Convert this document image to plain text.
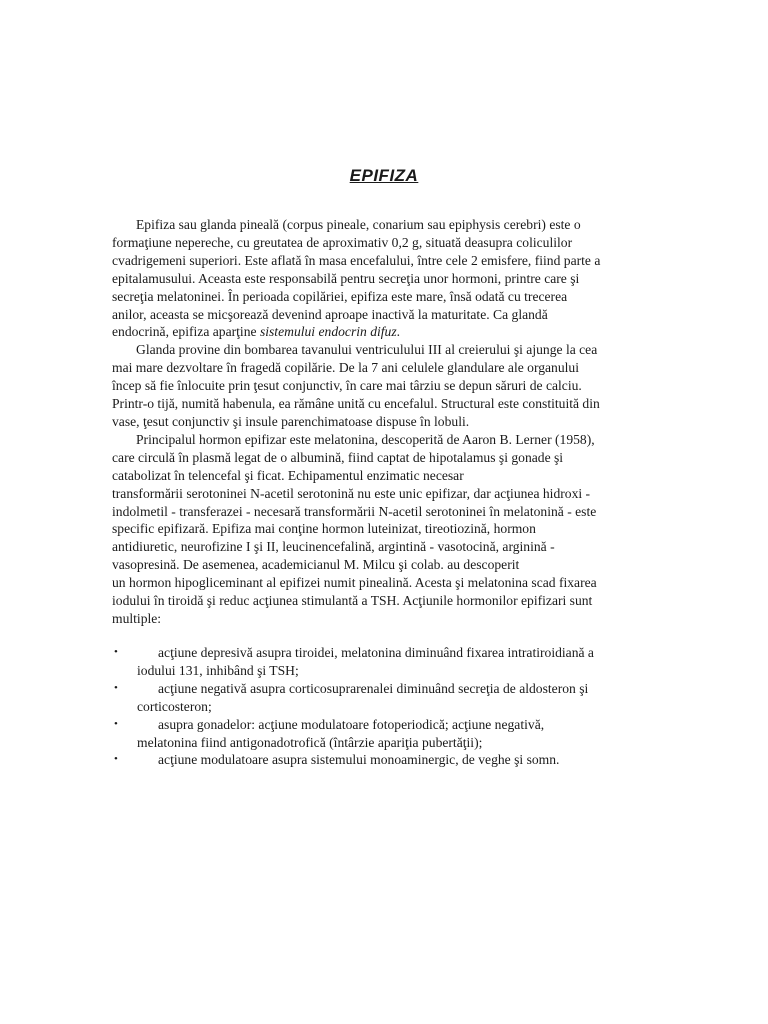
EPIFIZA
Epifiza sau glanda pineală (corpus pineale, conarium sau epiphysis cerebri) este o
formaţiune nepereche, cu greutatea de aproximativ 0,2 g, situată deasupra coliculilor
cvadrigemeni superiori. Este aflată în masa encefalului, între cele 2 emisfere, fiind parte a
epitalamusului. Aceasta este responsabilă pentru secreţia unor hormoni, printre care şi
secreţia melatoninei. În perioada copilăriei, epifiza este mare, însă odată cu trecerea
anilor, aceasta se micşorează devenind aproape inactivă la maturitate. Ca glandă
endocrină, epifiza aparţine sistemului endocrin difuz.
Glanda provine din bombarea tavanului ventriculului III al creierului şi ajunge la cea
mai mare dezvoltare în fragedă copilărie. De la 7 ani celulele glandulare ale organului
încep să fie înlocuite prin ţesut conjunctiv, în care mai târziu se depun săruri de calciu.
Printr-o tijă, numită habenula, ea rămâne unită cu encefalul. Structural este constituită din
vase, ţesut conjunctiv şi insule parenchimatoase dispuse în lobuli.
Principalul hormon epifizar este melatonina, descoperită de Aaron B. Lerner (1958),
care circulă în plasmă legat de o albumină, fiind captat de hipotalamus şi gonade şi
catabolizat în telencefal şi ficat. Echipamentul enzimatic necesar
transformării serotoninei N-acetil serotonină nu este unic epifizar, dar acţiunea hidroxi -
indolmetil - transferazei - necesară transformării N-acetil serotoninei în melatonină - este
specific epifizară. Epifiza mai conţine hormon luteinizat, tireotiozină, hormon
antidiuretic, neurofizine I şi II, leucinencefalină, argintină - vasotocină, arginină -
vasopresină. De asemenea, academicianul M. Milcu şi colab. au descoperit
un hormon hipogliceminant al epifizei numit pinealină. Acesta şi melatonina scad fixarea
iodului în tiroidă şi reduc acţiunea stimulantă a TSH. Acţiunile hormonilor epifizari sunt
multiple:
•	acţiune depresivă asupra tiroidei, melatonina diminuând fixarea intratiroidiană a
iodului 131, inhibând şi TSH;
•	acţiune negativă asupra corticosuprarenalei diminuând secreţia de aldosteron şi
corticosteron;
•	asupra gonadelor: acţiune modulatoare fotoperiodică; acţiune negativă,
melatonina fiind antigonadotrofică (întârzie apariţia pubertăţii);
•	acţiune modulatoare asupra sistemului monoaminergic, de veghe şi somn.
